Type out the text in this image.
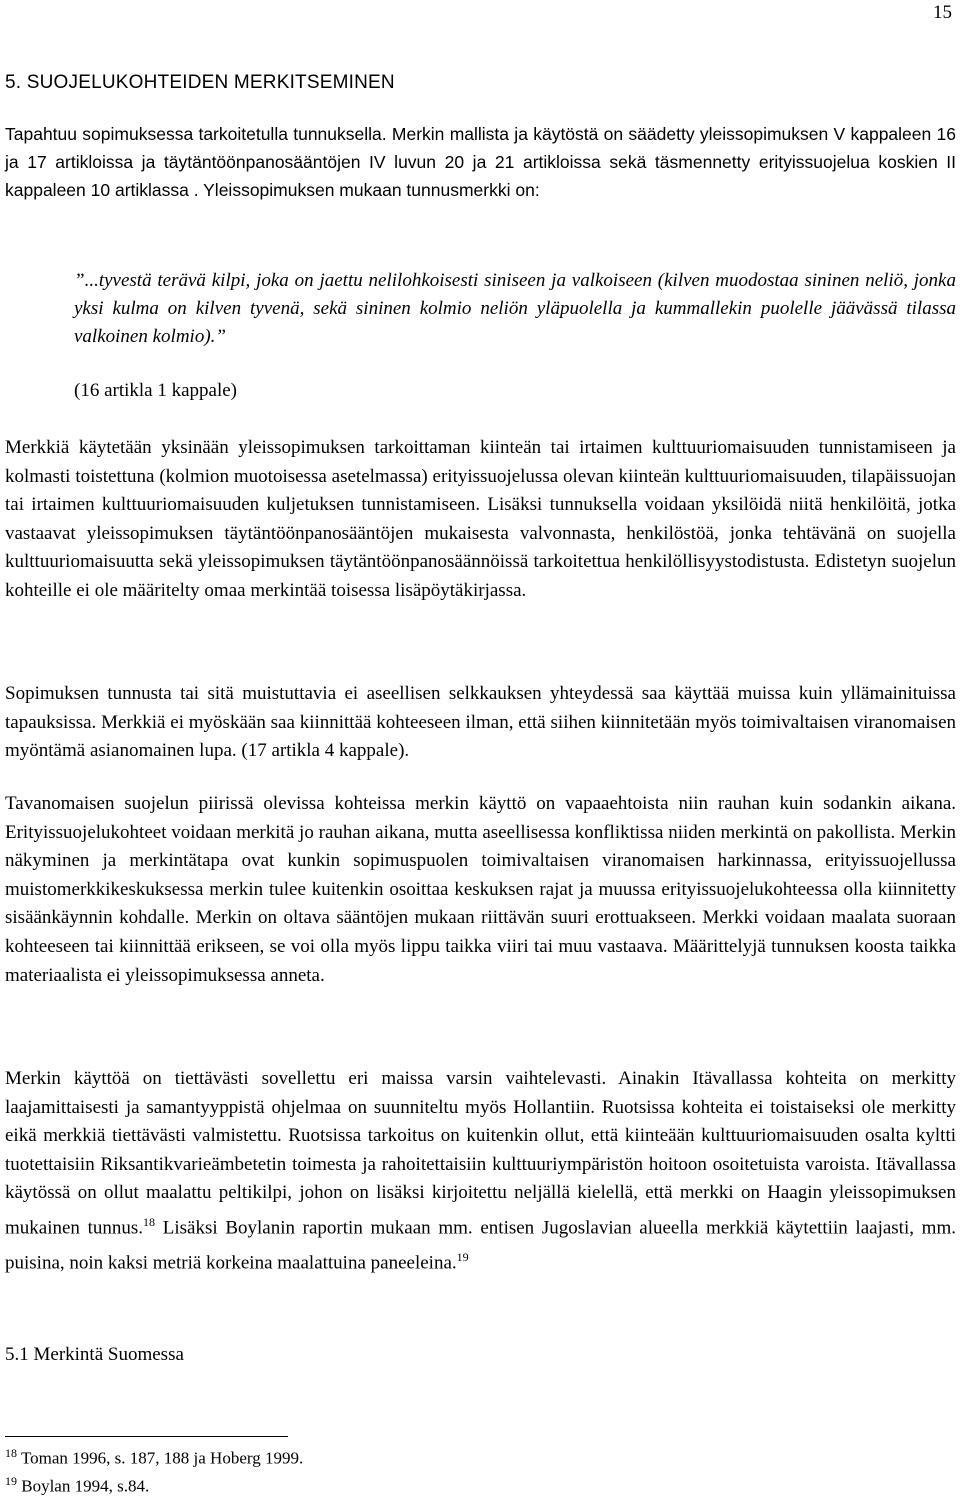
15
5. SUOJELUKOHTEIDEN MERKITSEMINEN
Tapahtuu sopimuksessa tarkoitetulla tunnuksella. Merkin mallista ja käytöstä on säädetty yleissopimuksen V kappaleen 16 ja 17 artikloissa ja täytäntöönpanosääntöjen IV luvun 20 ja 21 artikloissa sekä täsmennetty erityissuojelua koskien II kappaleen 10 artiklassa . Yleissopimuksen mukaan tunnusmerkki on:
”...tyvestä terävä kilpi, joka on jaettu nelilohkoisesti siniseen ja valkoiseen (kilven muodostaa sininen neliö, jonka yksi kulma on kilven tyvenä, sekä sininen kolmio neliön yläpuolella ja kummallekin puolelle jäävässä tilassa valkoinen kolmio).”
(16 artikla 1 kappale)
Merkkiä käytetään yksinään yleissopimuksen tarkoittaman kiinteän tai irtaimen kulttuuriomaisuuden tunnistamiseen ja kolmasti toistettuna (kolmion muotoisessa asetelmassa) erityissuojelussa olevan kiinteän kulttuuriomaisuuden, tilapäissuojan tai irtaimen kulttuuriomaisuuden kuljetuksen tunnistamiseen. Lisäksi tunnuksella voidaan yksilöidä niitä henkilöitä, jotka vastaavat yleissopimuksen täytäntöönpanosääntöjen mukaisesta valvonnasta, henkilöstöä, jonka tehtävänä on suojella kulttuuriomaisuutta sekä yleissopimuksen täytäntöönpanosäännöissä tarkoitettua henkilöllisyystodistusta. Edistetyn suojelun kohteille ei ole määritelty omaa merkintää toisessa lisäpöytäkirjassa.
Sopimuksen tunnusta tai sitä muistuttavia ei aseellisen selkkauksen yhteydessä saa käyttää muissa kuin yllämainituissa tapauksissa. Merkkiä ei myöskään saa kiinnittää kohteeseen ilman, että siihen kiinnitetään myös toimivaltaisen viranomaisen myöntämä asianomainen lupa. (17 artikla 4 kappale).
Tavanomaisen suojelun piirissä olevissa kohteissa merkin käyttö on vapaaehtoista niin rauhan kuin sodankin aikana. Erityissuojelukohteet voidaan merkitä jo rauhan aikana, mutta aseellisessa konfliktissa niiden merkintä on pakollista. Merkin näkyminen ja merkintätapa ovat kunkin sopimuspuolen toimivaltaisen viranomaisen harkinnassa, erityissuojellussa muistomerkkikeskuksessa merkin tulee kuitenkin osoittaa keskuksen rajat ja muussa erityissuojelukohteessa olla kiinnitetty sisäänkäynnin kohdalle. Merkin on oltava sääntöjen mukaan riittävän suuri erottuakseen. Merkki voidaan maalata suoraan kohteeseen tai kiinnittää erikseen, se voi olla myös lippu taikka viiri tai muu vastaava. Määrittelyjä tunnuksen koosta taikka materiaalista ei yleissopimuksessa anneta.
Merkin käyttöä on tiettävästi sovellettu eri maissa varsin vaihtelevasti. Ainakin Itävallassa kohteita on merkitty laajamittaisesti ja samantyyppistä ohjelmaa on suunniteltu myös Hollantiin. Ruotsissa kohteita ei toistaiseksi ole merkitty eikä merkkiä tiettävästi valmistettu. Ruotsissa tarkoitus on kuitenkin ollut, että kiinteään kulttuuriomaisuuden osalta kyltti tuotettaisiin Riksantikvarieämbetetin toimesta ja rahoitettaisiin kulttuuriympäristön hoitoon osoitetuista varoista. Itävallassa käytössä on ollut maalattu peltikilpi, johon on lisäksi kirjoitettu neljällä kielellä, että merkki on Haagin yleissopimuksen mukainen tunnus.$^{18}$ Lisäksi Boylanin raportin mukaan mm. entisen Jugoslavian alueella merkkiä käytettiin laajasti, mm. puisina, noin kaksi metriä korkeina maalattuina paneeleina.$^{19}$
5.1 Merkintä Suomessa
$^{18}$ Toman 1996, s. 187, 188 ja Hoberg 1999.
$^{19}$ Boylan 1994, s.84.
